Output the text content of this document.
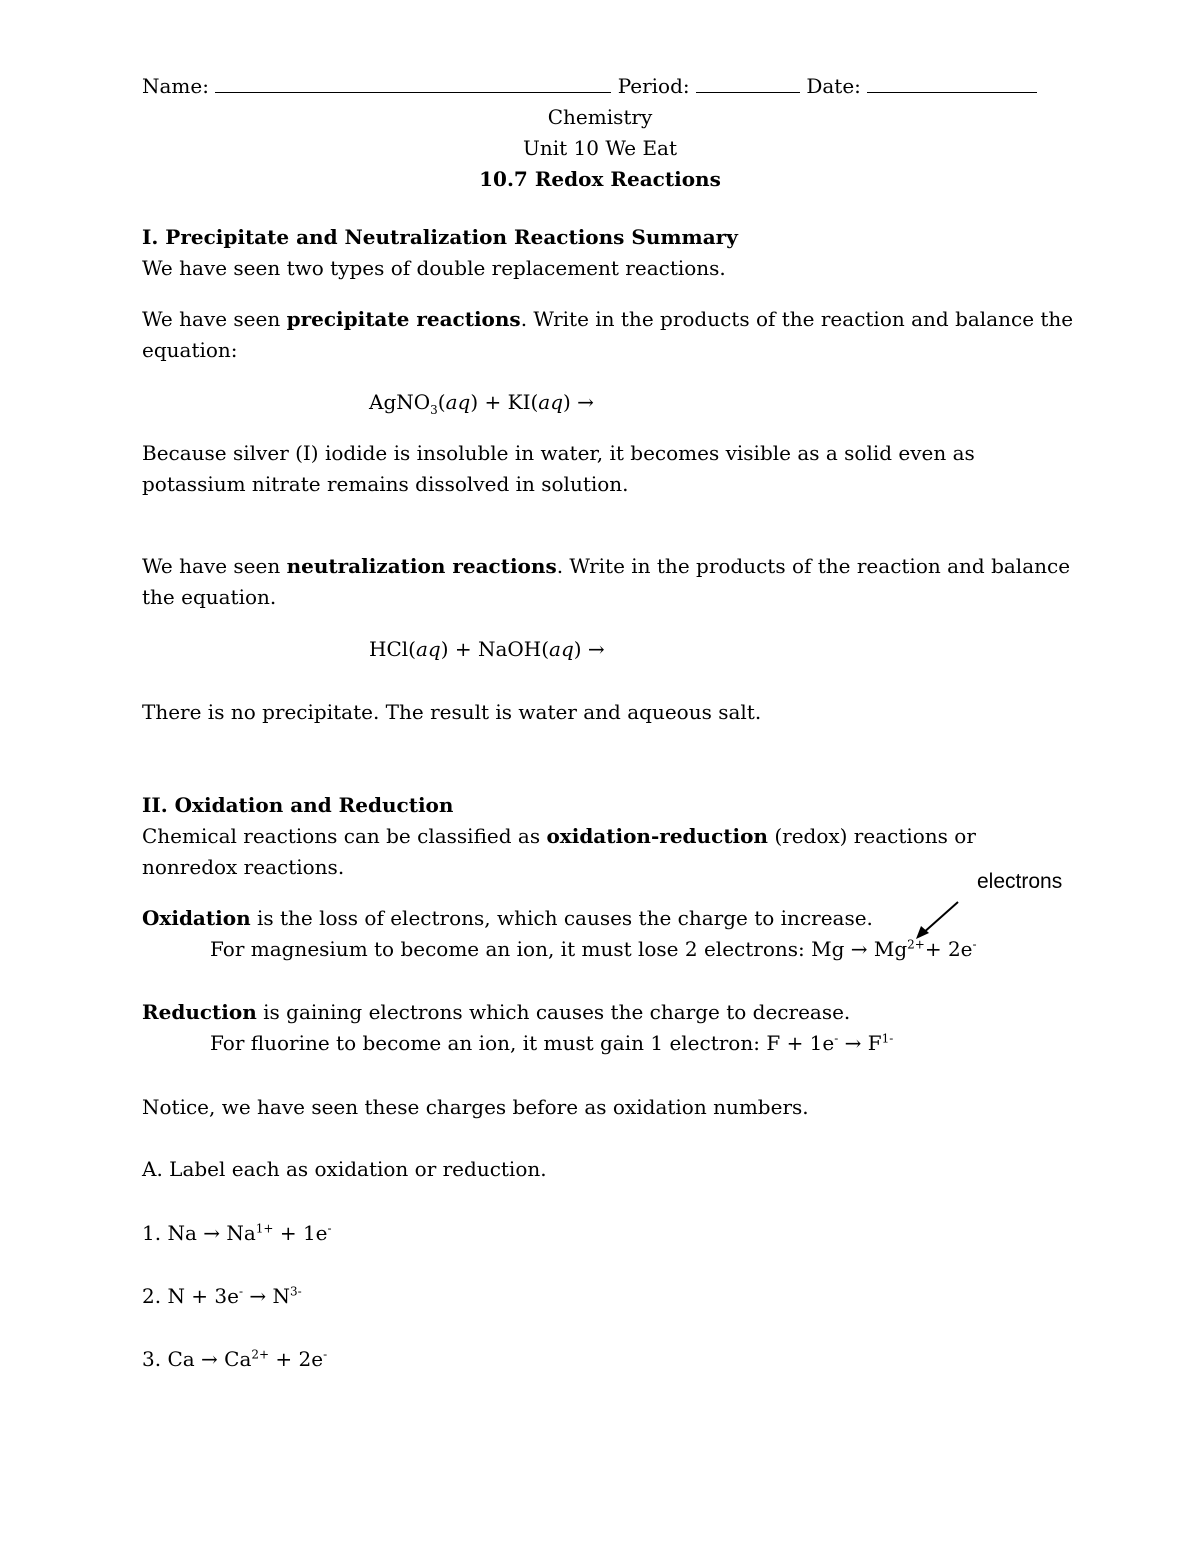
Name:	Period:	Date:
Chemistry
Unit 10 We Eat
10.7 Redox Reactions
I. Precipitate and Neutralization Reactions Summary
We have seen two types of double replacement reactions.
We have seen precipitate reactions. Write in the products of the reaction and balance the
equation:
AgNO$_3$(aq) + KI(aq) →
Because silver (I) iodide is insoluble in water, it becomes visible as a solid even as
potassium nitrate remains dissolved in solution.
We have seen neutralization reactions. Write in the products of the reaction and balance
the equation.
HCl(aq) + NaOH(aq) →
There is no precipitate. The result is water and aqueous salt.
II. Oxidation and Reduction
Chemical reactions can be classified as oxidation-reduction (redox) reactions or
nonredox reactions.
electrons
Oxidation is the loss of electrons, which causes the charge to increase.
For magnesium to become an ion, it must lose 2 electrons: $Mg \to Mg^{2+}+ 2e^-$
Reduction is gaining electrons which causes the charge to decrease.
For fluorine to become an ion, it must gain 1 electron: $F + 1e^- \to F^{1-}$
Notice, we have seen these charges before as oxidation numbers.
A. Label each as oxidation or reduction.
1. $Na \to Na^{1+} + 1e^-$
2. $N + 3e^- \to N^{3-}$
3. $Ca \to Ca^{2+} + 2e^-$
